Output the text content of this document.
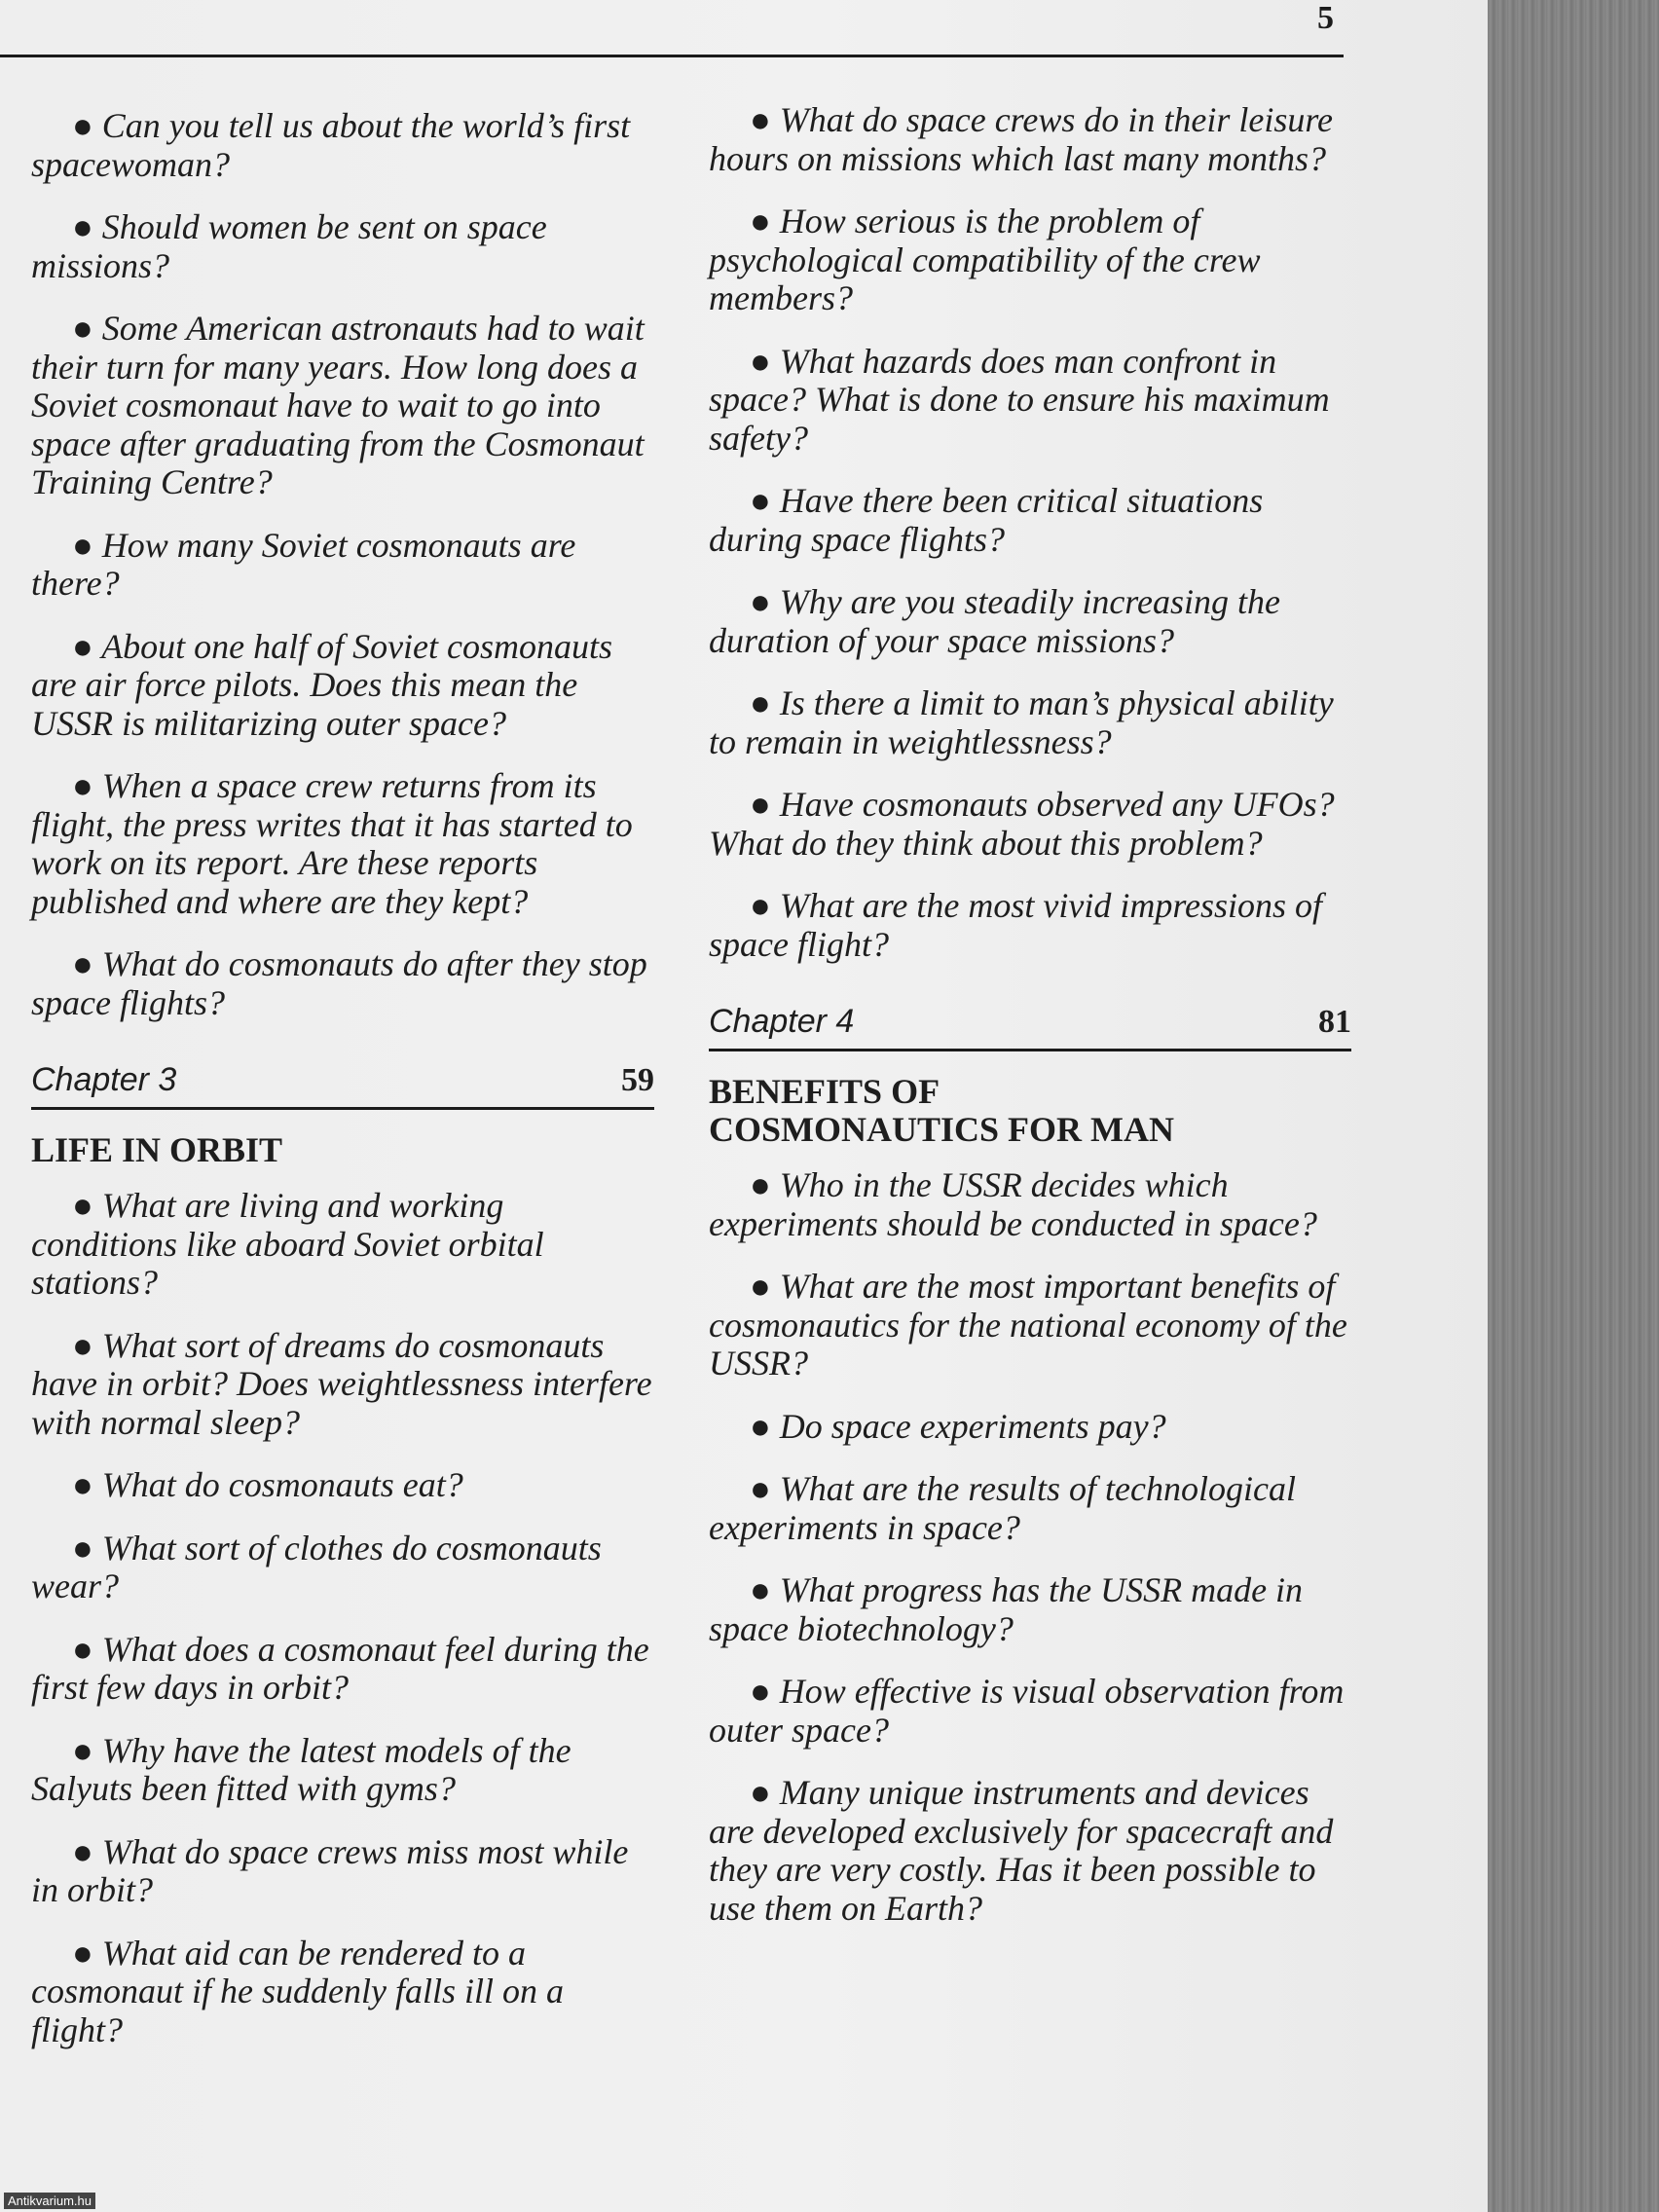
5

● Can you tell us about the world’s first spacewoman?

● Should women be sent on space missions?

● Some American astronauts had to wait their turn for many years. How long does a Soviet cosmonaut have to wait to go into space after graduating from the Cosmonaut Training Centre?

● How many Soviet cosmonauts are there?

● About one half of Soviet cosmonauts are air force pilots. Does this mean the USSR is militarizing outer space?

● When a space crew returns from its flight, the press writes that it has started to work on its report. Are these reports published and where are they kept?

● What do cosmonauts do after they stop space flights?

Chapter 3	59
LIFE IN ORBIT

● What are living and working conditions like aboard Soviet orbital stations?

● What sort of dreams do cosmonauts have in orbit? Does weightlessness interfere with normal sleep?

● What do cosmonauts eat?

● What sort of clothes do cosmonauts wear?

● What does a cosmonaut feel during the first few days in orbit?

● Why have the latest models of the Salyuts been fitted with gyms?

● What do space crews miss most while in orbit?

● What aid can be rendered to a cosmonaut if he suddenly falls ill on a flight?

● What do space crews do in their leisure hours on missions which last many months?

● How serious is the problem of psychological compatibility of the crew members?

● What hazards does man confront in space? What is done to ensure his maximum safety?

● Have there been critical situations during space flights?

● Why are you steadily increasing the duration of your space missions?

● Is there a limit to man’s physical ability to remain in weightlessness?

● Have cosmonauts observed any UFOs? What do they think about this problem?

● What are the most vivid impressions of space flight?

Chapter 4	81
BENEFITS OF
COSMONAUTICS FOR MAN

● Who in the USSR decides which experiments should be conducted in space?

● What are the most important benefits of cosmonautics for the national economy of the USSR?

● Do space experiments pay?

● What are the results of technological experiments in space?

● What progress has the USSR made in space biotechnology?

● How effective is visual observation from outer space?

● Many unique instruments and devices are developed exclusively for spacecraft and they are very costly. Has it been possible to use them on Earth?

Antikvarium.hu
